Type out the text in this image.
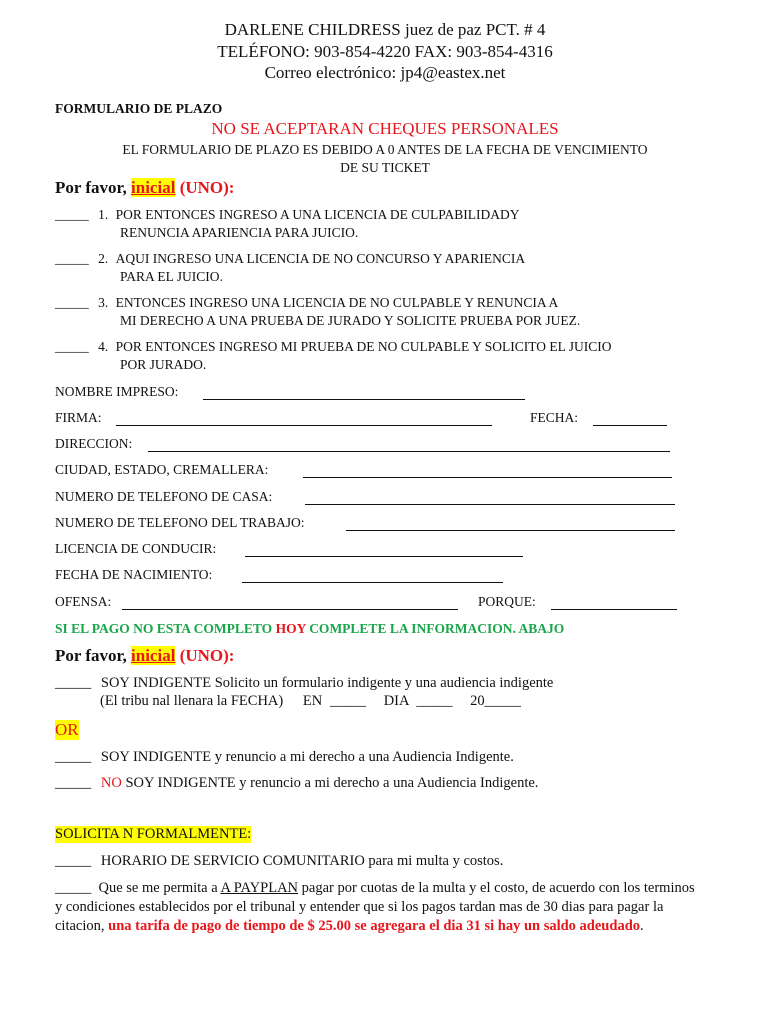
DARLENE CHILDRESS juez de paz PCT. # 4
TELÉFONO: 903-854-4220 FAX: 903-854-4316
Correo electrónico: jp4@eastex.net
FORMULARIO DE PLAZO
NO SE ACEPTARAN CHEQUES PERSONALES
EL FORMULARIO DE PLAZO ES DEBIDO A 0 ANTES DE LA FECHA DE VENCIMIENTO
DE SU TICKET
Por favor, inicial (UNO):
_____ 1. POR ENTONCES INGRESO A UNA LICENCIA DE CULPABILIDADY
RENUNCIA APARIENCIA PARA JUICIO.
_____ 2. AQUI INGRESO UNA LICENCIA DE NO CONCURSO Y APARIENCIA
PARA EL JUICIO.
_____ 3. ENTONCES INGRESO UNA LICENCIA DE NO CULPABLE Y RENUNCIA A
MI DERECHO A UNA PRUEBA DE JURADO Y SOLICITE PRUEBA POR JUEZ.
_____ 4. POR ENTONCES INGRESO MI PRUEBA DE NO CULPABLE Y SOLICITO EL JUICIO
POR JURADO.
NOMBRE IMPRESO:
FIRMA:	FECHA:
DIRECCION:
CIUDAD, ESTADO, CREMALLERA:
NUMERO DE TELEFONO DE CASA:
NUMERO DE TELEFONO DEL TRABAJO:
LICENCIA DE CONDUCIR:
FECHA DE NACIMIENTO:
OFENSA:	PORQUE:
SI EL PAGO NO ESTA COMPLETO HOY COMPLETE LA INFORMACION. ABAJO
Por favor, inicial (UNO):
_____ SOY INDIGENTE Solicito un formulario indigente y una audiencia indigente
(El tribu nal llenara la FECHA) EN _____ DIA _____ 20_____
OR
_____ SOY INDIGENTE y renuncio a mi derecho a una Audiencia Indigente.
_____ NO SOY INDIGENTE y renuncio a mi derecho a una Audiencia Indigente.
SOLICITA N FORMALMENTE:
_____ HORARIO DE SERVICIO COMUNITARIO para mi multa y costos.
_____ Que se me permita a A PAYPLAN pagar por cuotas de la multa y el costo, de acuerdo con los terminos y condiciones establecidos por el tribunal y entender que si los pagos tardan mas de 30 dias para pagar la citacion, una tarifa de pago de tiempo de $ 25.00 se agregara el dia 31 si hay un saldo adeudado.
